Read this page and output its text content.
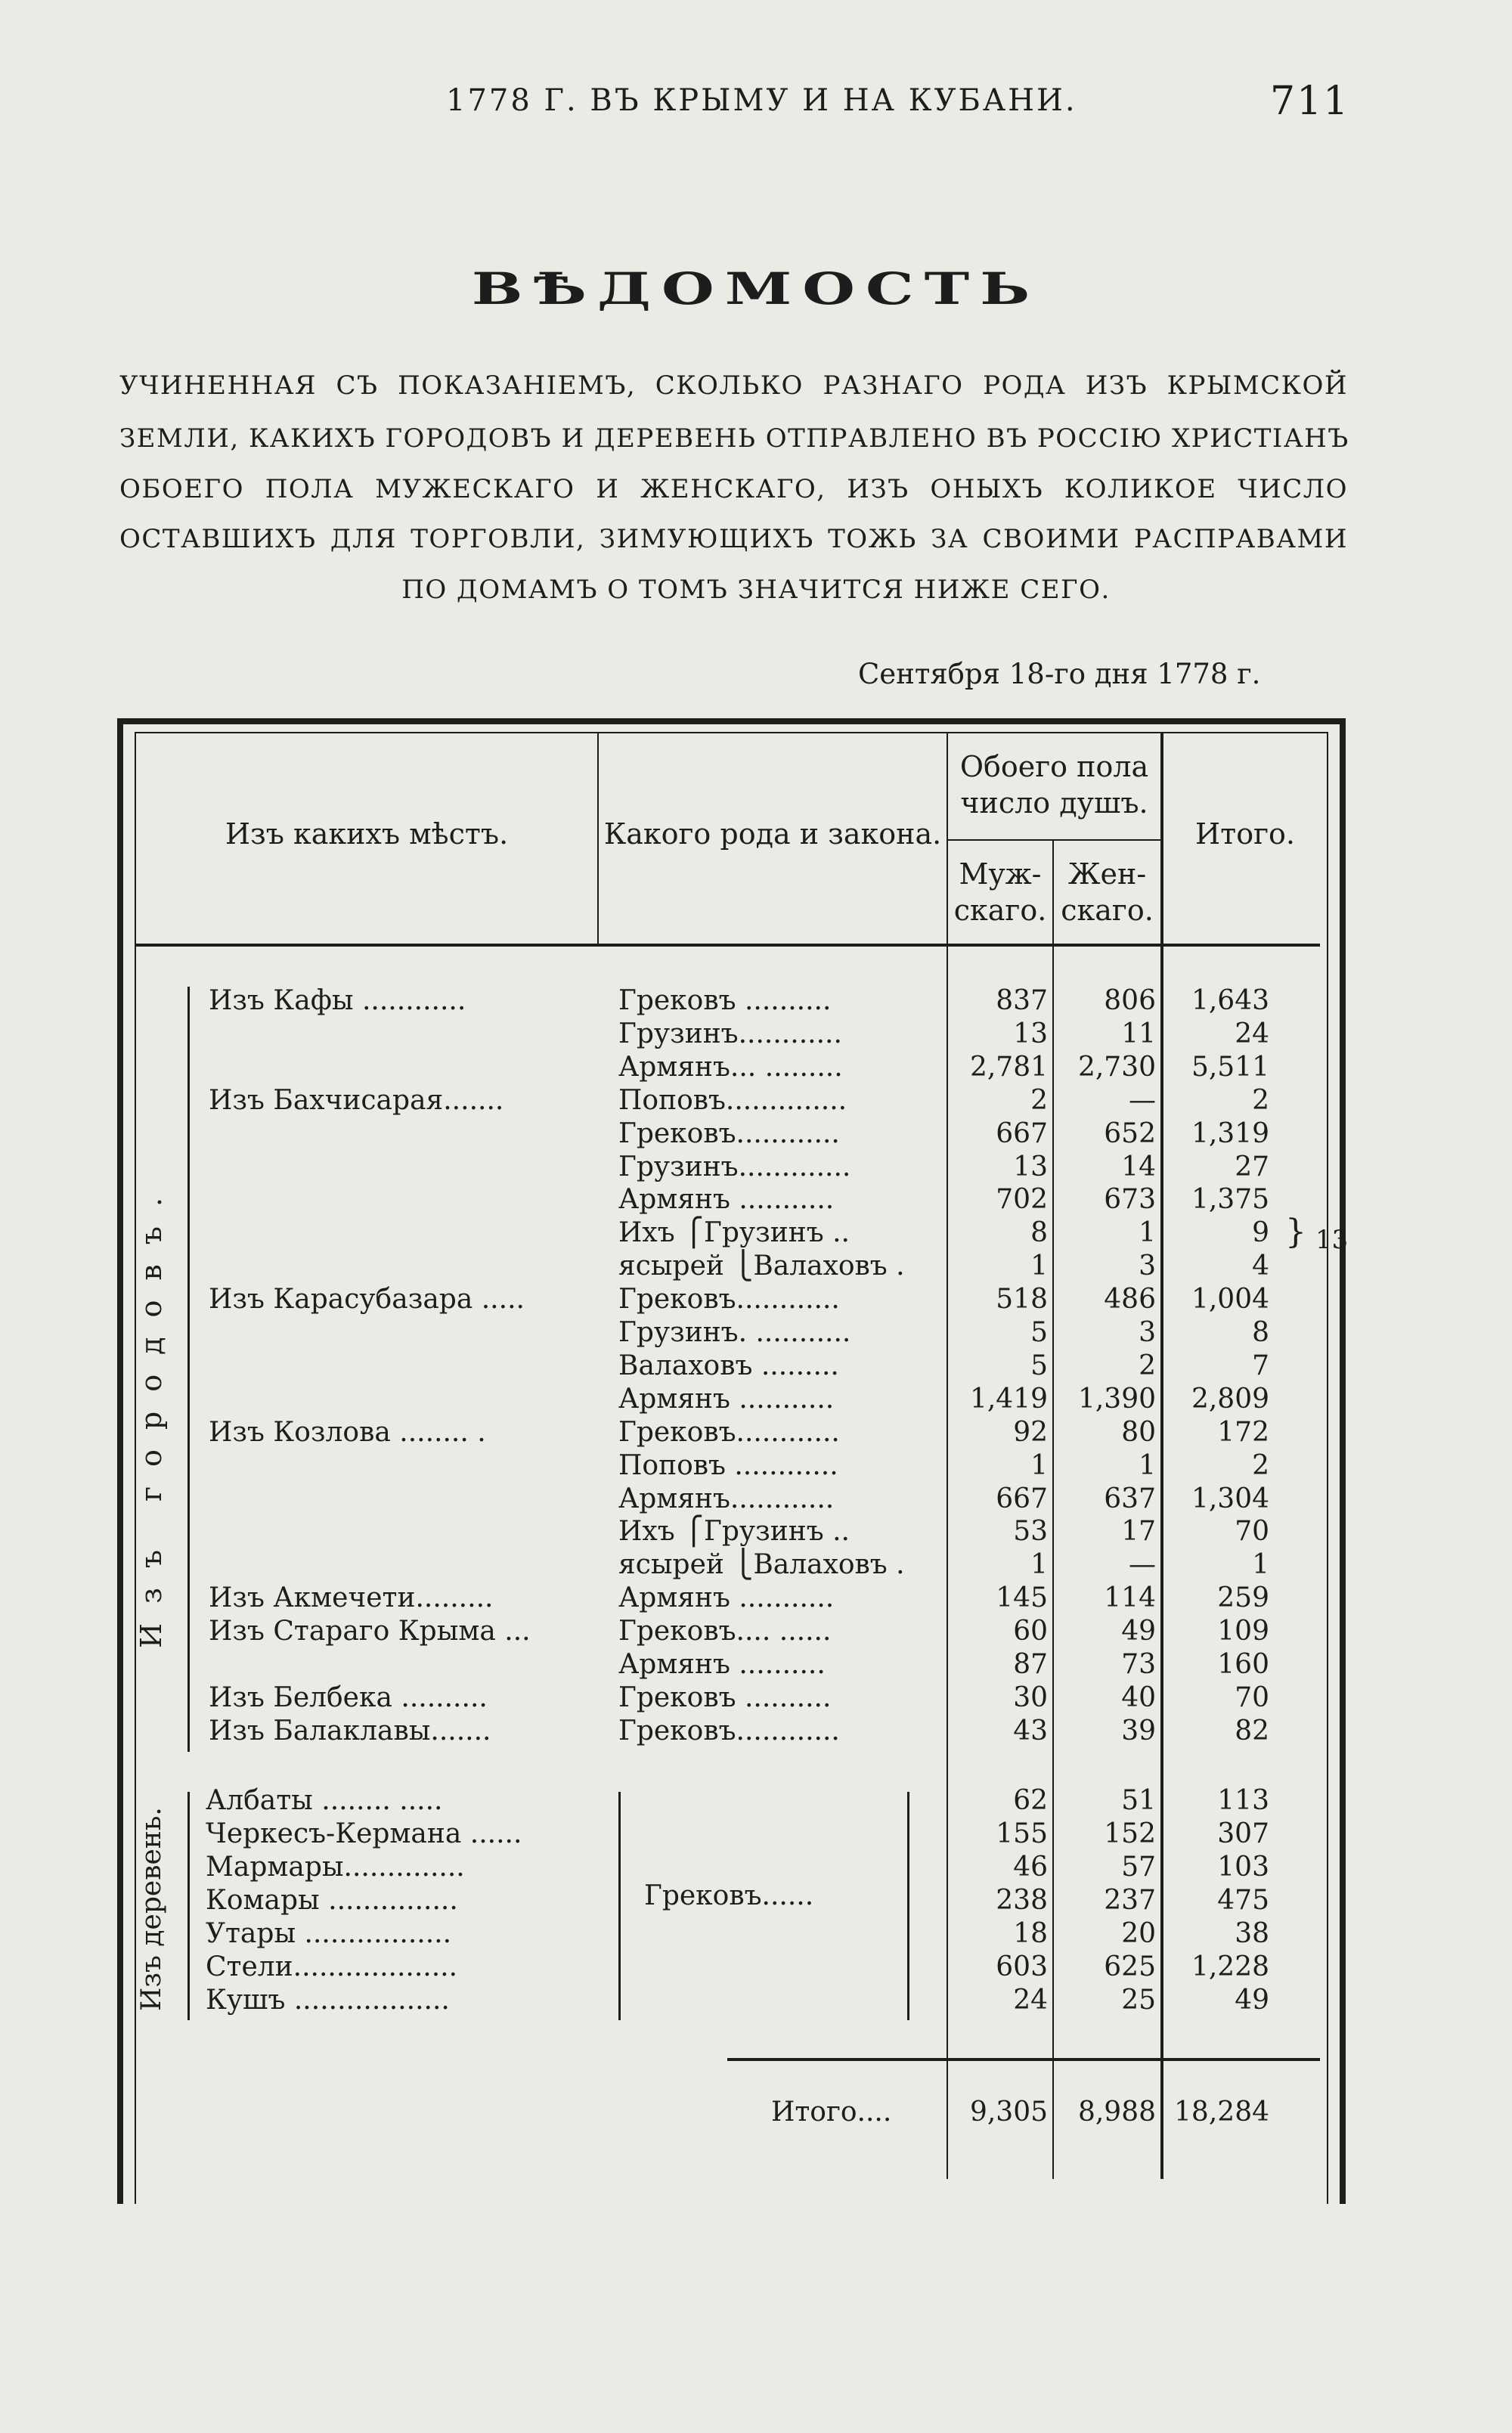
1778 Г. ВЪ КРЫМУ И НА КУБАНИ.	711
ВѢДОМОСТЬ
УЧИНЕННАЯ СЪ ПОКАЗАНІЕМЪ, СКОЛЬКО РАЗНАГО РОДА ИЗЪ КРЫМСКОЙ
ЗЕМЛИ, КАКИХЪ ГОРОДОВЪ И ДЕРЕВЕНЬ ОТПРАВЛЕНО ВЪ РОССІЮ ХРИСТІАНЪ
ОБОЕГО ПОЛА МУЖЕСКАГО И ЖЕНСКАГО, ИЗЪ ОНЫХЪ КОЛИКОЕ ЧИСЛО
ОСТАВШИХЪ ДЛЯ ТОРГОВЛИ, ЗИМУЮЩИХЪ ТОЖЬ ЗА СВОИМИ РАСПРАВАМИ
ПО ДОМАМЪ О ТОМЪ ЗНАЧИТСЯ НИЖЕ СЕГО.
Сентября 18-го дня 1778 г.
Изъ какихъ мѣстъ.	Какого рода и закона.
Обоего пола
число душъ.
Муж-
скаго.
Жен-
скаго.
Итого.
Изъ городовъ.
Изъ деревень.
Изъ Кафы ............	Грековъ ..........	837	806	1,643
Грузинъ............	13	11	24
Армянъ... .........	2,781	2,730	5,511
Изъ Бахчисарая.......	Поповъ..............	2	—	2
Грековъ............	667	652	1,319
Грузинъ.............	13	14	27
Армянъ ...........	702	673	1,375
Ихъ ⎧Грузинъ ..	8	1	9
ясырей ⎩Валаховъ .	1	3	4
Изъ Карасубазара .....	Грековъ............	518	486	1,004
Грузинъ. ...........	5	3	8
Валаховъ .........	5	2	7
Армянъ ...........	1,419	1,390	2,809
Изъ Козлова ........ .	Грековъ............	92	80	172
Поповъ ............	1	1	2
Армянъ............	667	637	1,304
Ихъ ⎧Грузинъ ..	53	17	70
ясырей ⎩Валаховъ .	1	—	1
Изъ Акмечети.........	Армянъ ...........	145	114	259
Изъ Стараго Крыма ...	Грековъ.... ......	60	49	109
Армянъ ..........	87	73	160
Изъ Белбека ..........	Грековъ ..........	30	40	70
Изъ Балаклавы.......	Грековъ............	43	39	82
Албаты ........ .....	62	51	113
Черкесъ-Кермана ......	155	152	307
Мармары..............	46	57	103
Комары ...............	238	237	475
Утары .................	18	20	38
Стели...................	603	625	1,228
Кушъ ..................	24	25	49
Грековъ......
13
}
Итого....	9,305	8,988 18,284
